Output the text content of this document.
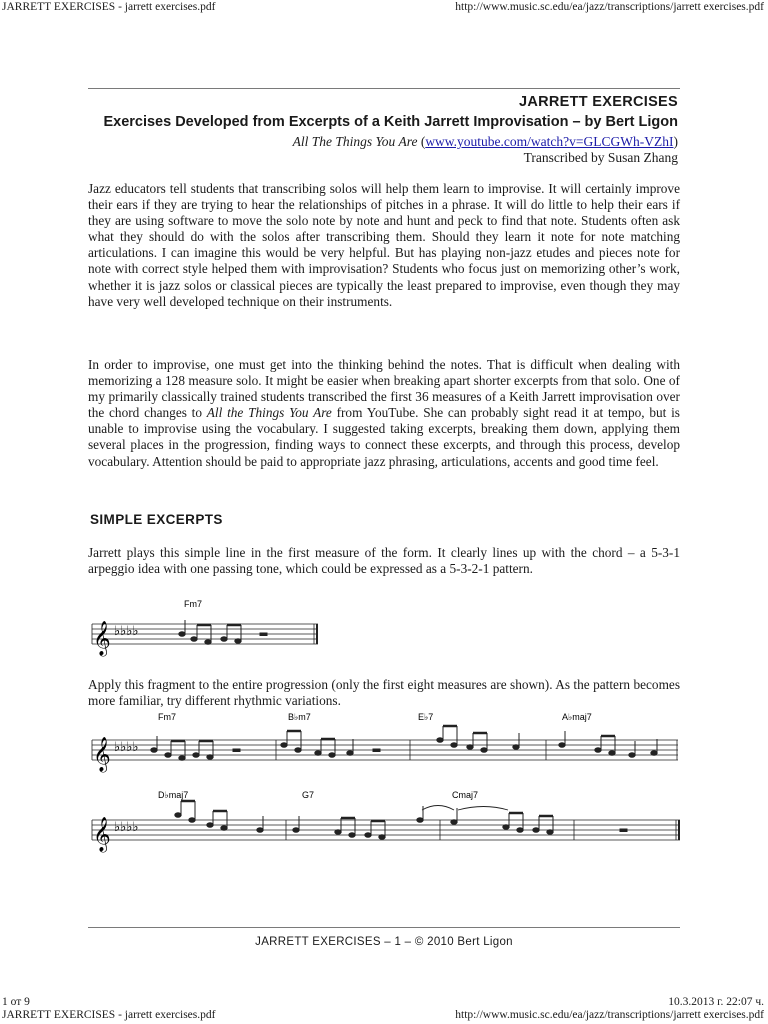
JARRETT EXERCISES - jarrett exercises.pdf	http://www.music.sc.edu/ea/jazz/transcriptions/jarrett exercises.pdf
1 от 9	10.3.2013 г. 22:07 ч.
JARRETT EXERCISES - jarrett exercises.pdf	http://www.music.sc.edu/ea/jazz/transcriptions/jarrett exercises.pdf
JARRETT EXERCISES
Exercises Developed from Excerpts of a Keith Jarrett Improvisation – by Bert Ligon
All The Things You Are (www.youtube.com/watch?v=GLCGWh-VZhI)
Transcribed by Susan Zhang
Jazz educators tell students that transcribing solos will help them learn to improvise. It will certainly improve their ears if they are trying to hear the relationships of pitches in a phrase. It will do little to help their ears if they are using software to move the solo note by note and hunt and peck to find that note. Students often ask what they should do with the solos after transcribing them. Should they learn it note for note matching articulations. I can imagine this would be very helpful. But has playing non-jazz etudes and pieces note for note with correct style helped them with improvisation? Students who focus just on memorizing other’s work, whether it is jazz solos or classical pieces are typically the least prepared to improvise, even though they may have very well developed technique on their instruments.
In order to improvise, one must get into the thinking behind the notes. That is difficult when dealing with memorizing a 128 measure solo. It might be easier when breaking apart shorter excerpts from that solo. One of my primarily classically trained students transcribed the first 36 measures of a Keith Jarrett improvisation over the chord changes to All the Things You Are from YouTube. She can probably sight read it at tempo, but is unable to improvise using the vocabulary. I suggested taking excerpts, breaking them down, applying them several places in the progression, finding ways to connect these excerpts, and through this process, develop vocabulary. Attention should be paid to appropriate jazz phrasing, articulations, accents and good time feel.
SIMPLE EXCERPTS
Jarrett plays this simple line in the first measure of the form. It clearly lines up with the chord – a 5-3-1 arpeggio idea with one passing tone, which could be expressed as a 5-3-2-1 pattern.
Fm7
𝄞 ♭♭♭♭
Apply this fragment to the entire progression (only the first eight measures are shown). As the pattern becomes more familiar, try different rhythmic variations.
Fm7	B♭m7	E♭7	A♭maj7
𝄞 ♭♭♭♭
D♭maj7	G7	Cmaj7
𝄞 ♭♭♭♭
JARRETT EXERCISES – 1 – © 2010 Bert Ligon
